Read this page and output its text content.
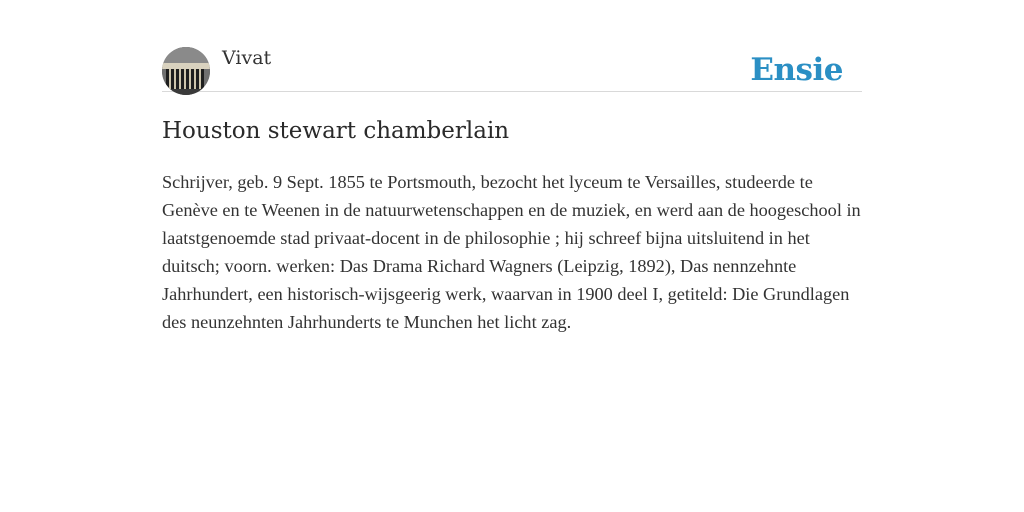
Vivat	Ensie
Houston stewart chamberlain

Schrijver, geb. 9 Sept. 1855 te Portsmouth, bezocht het lyceum te Versailles, studeerde te Genève en te Weenen in de natuurwetenschappen en de muziek, en werd aan de hoogeschool in laatstgenoemde stad privaat-docent in de philosophie ; hij schreef bijna uitsluitend in het duitsch; voorn. werken: Das Drama Richard Wagners (Leipzig, 1892), Das nennzehnte Jahrhundert, een historisch-wijsgeerig werk, waarvan in 1900 deel I, getiteld: Die Grundlagen des neunzehnten Jahrhunderts te Munchen het licht zag.
